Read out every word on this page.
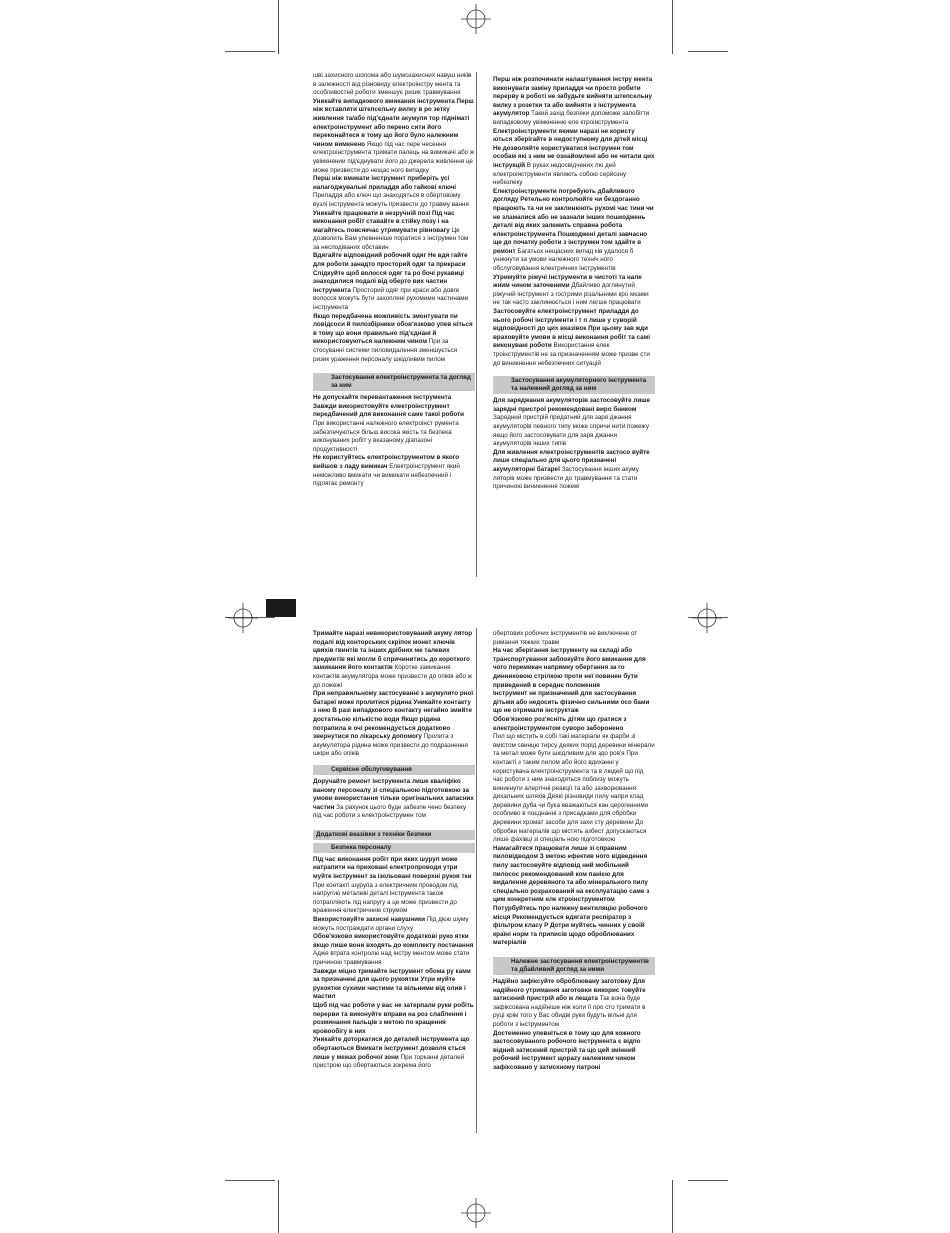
шві захисного шолома або шумозахисних навуш ників в залежності від різновиду електроінстру мента та особливостей роботи зменшує ризик травмування

Уникайте випадкового вмикання інструмента Перш ніж вставляти штепсельну вилку в ро зетку живлення та/або під'єднати акумуля тор підніматі електроінструмент або перено сити його переконайтеся в тому що його було належним чином вимкнено Якщо під час пере несення електроінструмента тримати палець на вимикачі або ж увімкнении під'єднувати його до джерела живлення це може призвести до нещас ного випадку

Перш ніж вмикати інструмент приберіть усі налагоджувальні приладдя або гайкові ключі Приладдя або ключ що знаходяться в обертовому вузлі інструмента можуть призвести до травму вання

Уникайте працювати в незручній позі Під час виконання робіт ставайте в стійку позу і на магайтесь повсякчас утримувати рівновагу Це дозволить Вам упевненіше поратися з інструмен том за несподіваних обставин

Вдягайте відповідний робочий одяг Не вдя гайте для роботи занадто просторий одяг та прикраси Слідкуйте щоб волосся одяг та ро бочі рукавиці знаходилися подалі від оберто вих частин інструмента Просторий одяг при краси або довге волосся можуть бути захоплені рухомими частинами інструмента

Якщо передбачена можливість змонтувати пи ловідсоси й пилозбірники обов'язково упев ніться в тому що вони правильно під'єднані й використовуються належним чином При за стосуванні системи пиловидалення зменшується ризик ураження персоналу шкідливим пилом

Застосування електроінструмента та догляд за ним

Не допускайте перевантаження інструмента Завжди використовуйте електроінструмент передбачений для виконання саме такої роботи При використанні належного електроінст румента забезпечуються більш висока якість та безпека виконуваних робіт у вказаному діапазоні продуктивності

Не користуйтесь електроінструментом в якого вийшов з ладу вимикач Електроінструмент який неможливо вмикати чи вимикати небезпечний і підлягає ремонту

Перш ніж розпочинати налаштування інстру мента виконувати заміну приладдя чи просто робити перерву в роботі не забудьте вийняти штепсельну вилку з розетки та або вийняти з інструмента акумулятор Такий захід безпеки допоможе запобігти випадковому увімкненню еле ктроінструмента

Електроінструменти якими наразі не користу ються зберігайте в недоступному для дітей місці Не дозволяйте користуватися інструмен том особам які з ним не ознайомлені або не читали цих інструкцій В руках недосвідчених лю дей електроінструменти являють собою серйозну небезпеку

Електроінструменти потребують дбайливого догляду Ретельно контролюйте чи бездоганно працюють та чи не заклинюють рухомі час тини чи не зламалися або не зазнали інших пошкоджень деталі від яких залежить справна робота електроінструмента Пошкоджені деталі завчасно ще до початку роботи з інструмен том здайте в ремонт Багатьох нещасних випад ків удалося б уникнути за умови належного техніч ного обслуговування електричних інструментів

Утримуйте ріжучі інструменти в чистоті та нале жним чином заточеними Дбайливо доглянутий ріжучий інструмент з гострими різальними кро мками не так часто заклинюється і ним легше працювати

Застосовуйте електроінструмент приладдя до нього робочі інструменти і т п лише у суворій відповідності до цих вказівок При цьому зав жди враховуйте умови в місці виконання робіт та самі виконувані роботи Використання елек троінструментів не за призначенням може призве сти до виникнення небезпечних ситуацій

Застосування акумуляторного інструмента та належний догляд за ним

Для заряджання акумуляторів застосовуйте лише зарядні пристрої рекомендовані виро бником Зарядний пристрій придатний для заря джання акумуляторів певного типу може спричи нити пожежу якщо його застосовувати для заря джання акумуляторів інших типів

Для живлення електроінструментів застосо вуйте лише спеціально для цього призначені акумуляторні батареї Застосування інших акуму ляторів може призвести до травмування та стати причиною виникнення пожежі

Тримайте наразі невикористовуваний акуму лятор подалі від конторських скріпок монет ключів цвяхів гвинтів та інших дрібних ме талевих предметів які могли б спричинитись до короткого замикання його контактів Коротке замикання контактів акумулятора може призвести до опіків або ж до пожежі

При неправильному застосуванні з акумулято рної батареї може пролитися рідина Уникайте контакту з нею В разі випадкового контакту негайно змийте достатньою кількістю води Якщо рідина потрапила в очі рекомендується додатково звернутися по лікарську допомогу Пролита з акумулятора рідина може призвести до подразнення шкіри або опіків

Сервісне обслуговування

Доручайте ремонт інструмента лише кваліфіко ваному персоналу зі спеціальною підготовкою за умови використання тільки оригінальних запасних частин За рахунок цього буде забезпе чено безпеку під час роботи з електроінструмен том

Додаткові вказівки з техніки безпеки
Безпека персоналу

Під час виконання робіт при яких шуруп може натрапити на приховані електропроводи утри муйте інструмент за ізольовані поверхні рукоя тки При контакті шурупа з електричним проводом під напругою металеві деталі інструмента також потрапляють під напругу а це може призвести до враження електричним струмом

Використовуйте захисні навушники Під дією шуму можуть постраждати органи слуху

Обов'язково використовуйте додаткові руко ятки якщо лише вони входять до комплекту постачання Адже втрата контролю над інстру ментом може стати причиною травмування

Завжди міцно тримайте інструмент обома ру ками за призначені для цього рукоятки Утри муйте рукоятки сухими чистими та вільними від олив і мастил

Щоб під час роботи у вас не затерпали руки робіть перерви та виконуйте вправи на роз слаблення і розминання пальців з метою по кращення кровообігу в них

Уникайте доторкатися до деталей інструмента що обертаються Вмикати інструмент дозволя ється лише у межах робочої зони При торканні деталей пристрою що обертаються зокрема його

обертових робочих інструментів не виключене от римання тяжких травм

На час зберігання інструменту на складі або транспортування заблокуйте його вмикання для чого перемикач напрямку обертання за го динниковою стрілкою проти неї повинен бути приведений в середнє положення

Інструмент не призначений для застосування дітьми або недосить фізично сильними осо бами що не отримали інструктаж

Обов'язково роз'ясніть дітям що гратися з електроінструментом суворо заборонено

Пил що містить в собі такі матеріали як фарби зі вмістом свинцю тирсу деяких порід деревини мінерали та метал може бути шкідливим для здо ров'я При контакті з таким пилом або його вдиханні у користувача електроінструмента та в людей що під час роботи з ним знаходяться поблизу можуть виникнути алергічні реакції та або захворювання дихальних шляхів Деякі різновиди пилу напри клад деревини дуба чи бука вважаються кан церогенними особливо в поєднанні з присадками для обробки деревини хромат засоби для захи сту деревини До обробки матеріалів що містять азбест допускаються лише фахівці зі спеціаль ною підготовкою Намагайтеся працювати лише зі справним пиловідводом З метою ефектив ного відведення пилу застосовуйте відповід ний мобільний пилосос рекомендований ком панією для видалення деревяного та або мінерального пилу спеціально розрахований на експлуатацію саме з цим конкретним еле ктроінструментом Потурбуйтесь про належну вентиляцію робочого місця Рекомендується вдягати респіратор з фільтром класу P Дотри муйтесь чинних у своїй країні норм та приписів щодо оброблюваних матеріалів

Належне застосування електроінструментів та дбайливий догляд за ними

Надійно зафіксуйте оброблювану заготовку Для надійного утримання заготовки викорис товуйте затискний пристрій або ж лещата Так вона буде зафіксована надійніше ніж коли її про сто тримати в руці крім того у Вас обидві руки будуть вільні для роботи з інструментом

Достеменно упевніться в тому що для кожного застосовуваного робочого інструмента є відпо відний затискний пристрій та що цей змінний робочий інструмент щорazу належним чином зафіксовано у затискному патроні
